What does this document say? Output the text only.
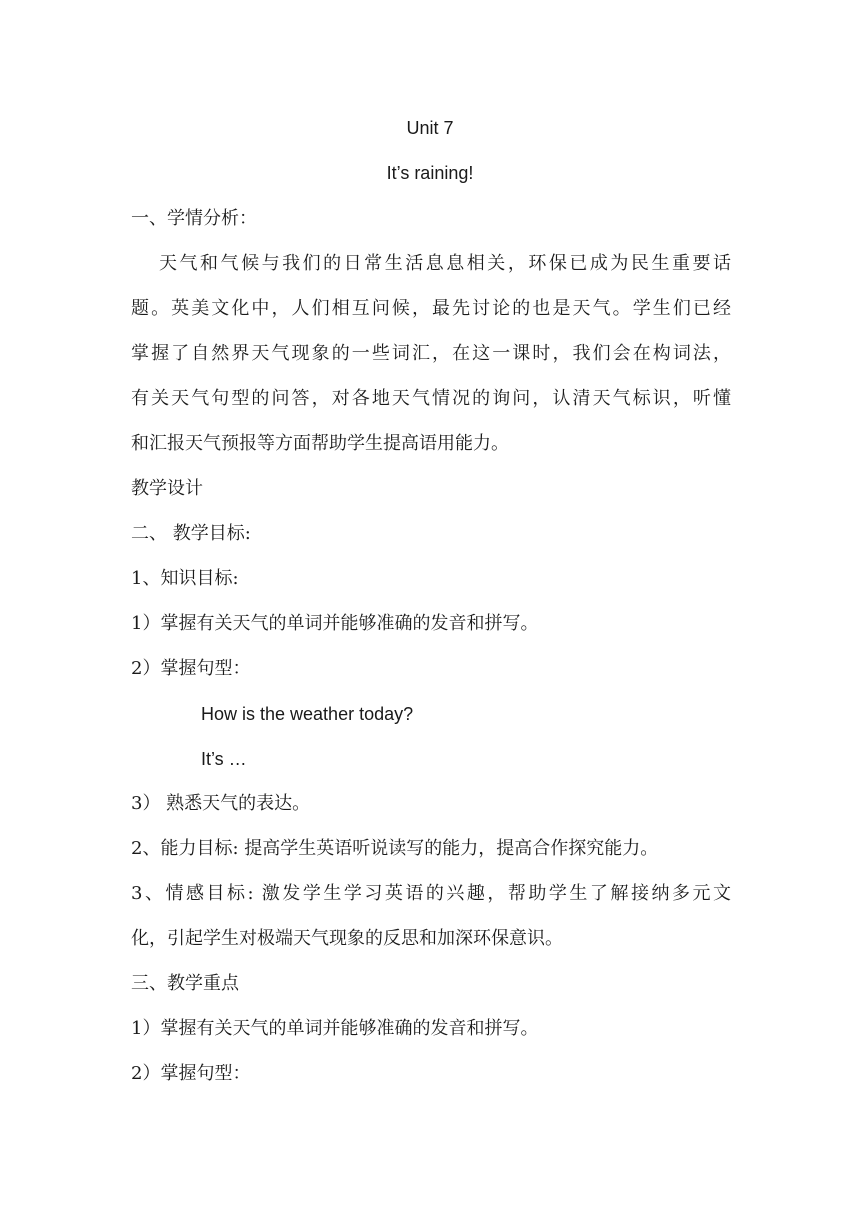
Unit 7
It’s raining!
一、学情分析：
天气和气候与我们的日常生活息息相关，环保已成为民生重要话
题。英美文化中，人们相互问候，最先讨论的也是天气。学生们已经
掌握了自然界天气现象的一些词汇，在这一课时，我们会在构词法，
有关天气句型的问答，对各地天气情况的询问，认清天气标识，听懂
和汇报天气预报等方面帮助学生提高语用能力。
教学设计
二、 教学目标:
1、知识目标:
1）掌握有关天气的单词并能够准确的发音和拼写。
2）掌握句型：
How is the weather today?
It’s …
3） 熟悉天气的表达。
2、能力目标: 提高学生英语听说读写的能力，提高合作探究能力。
3、情感目标: 激发学生学习英语的兴趣，帮助学生了解接纳多元文
化，引起学生对极端天气现象的反思和加深环保意识。
三、教学重点
1）掌握有关天气的单词并能够准确的发音和拼写。
2）掌握句型：
